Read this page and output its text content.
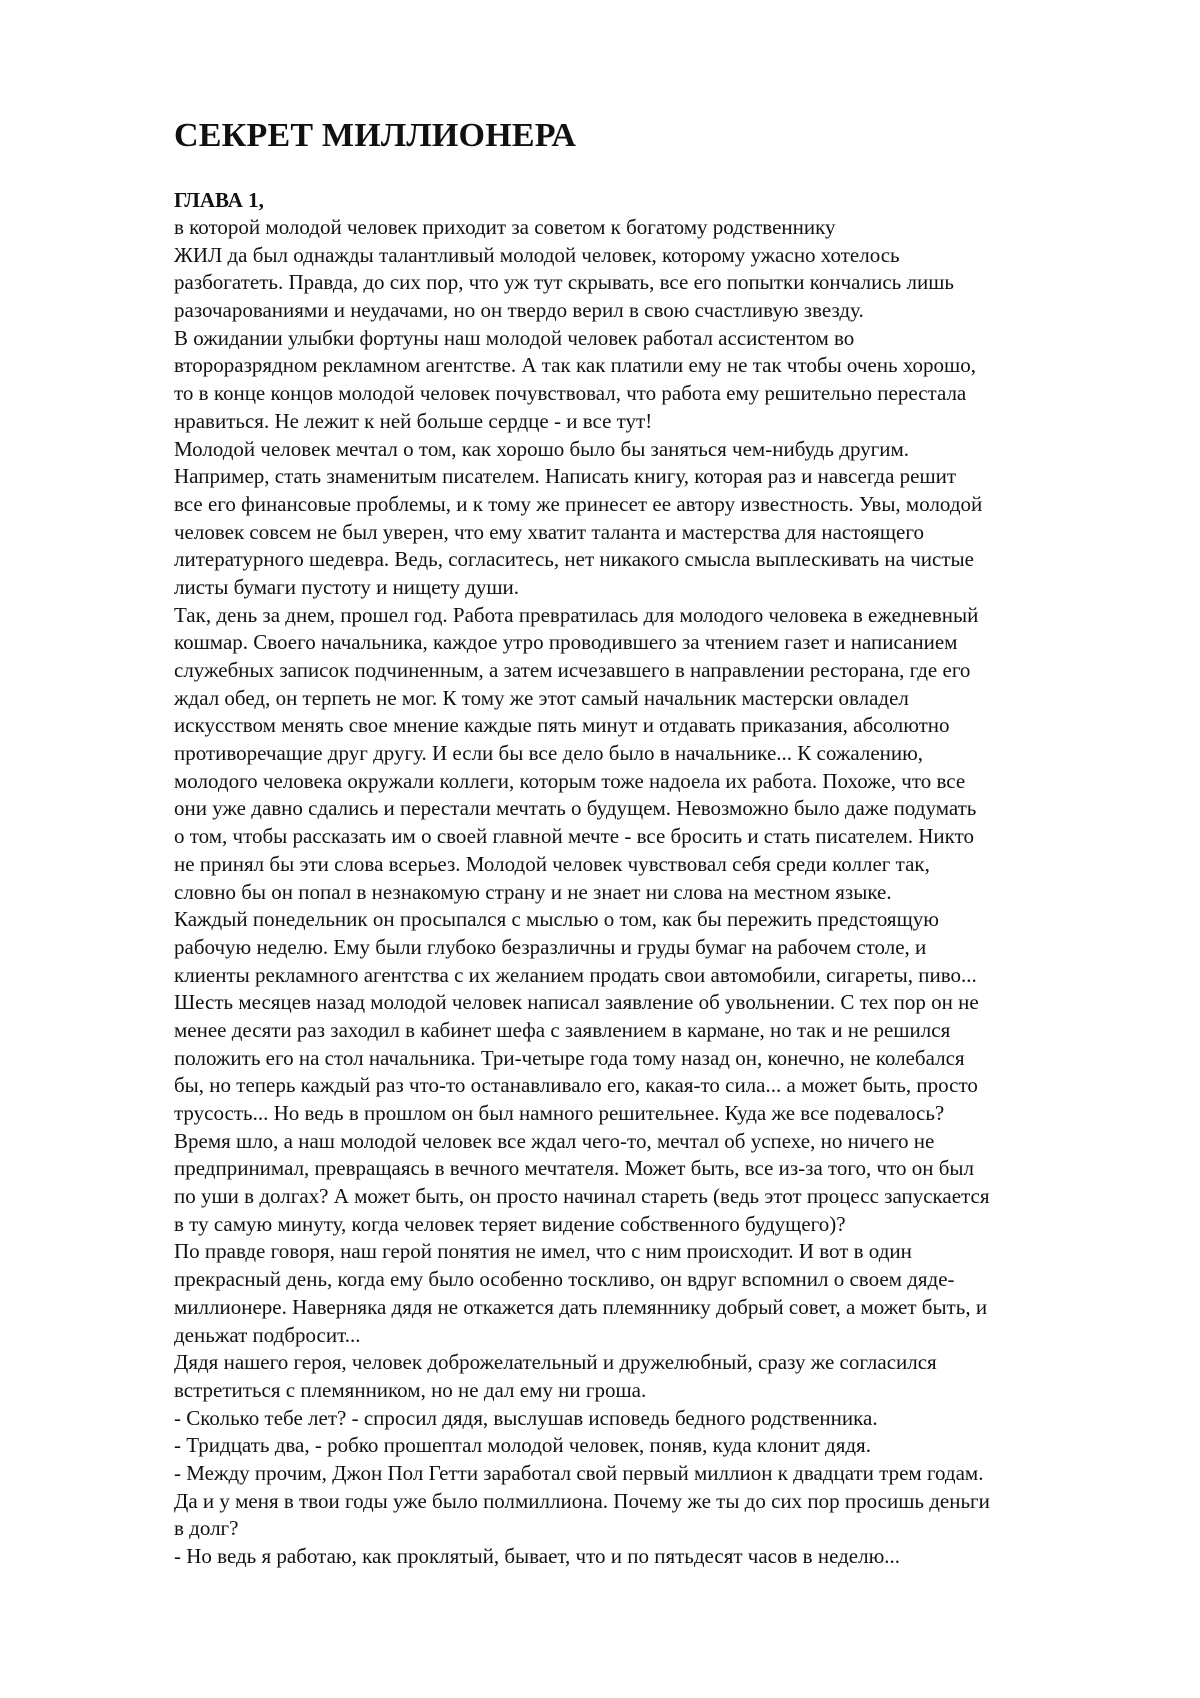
СЕКРЕТ МИЛЛИОНЕРА
ГЛАВА 1,
в которой молодой человек приходит за советом к богатому родственнику
ЖИЛ да был однажды талантливый молодой человек, которому ужасно хотелось
разбогатеть. Правда, до сих пор, что уж тут скрывать, все его попытки кончались лишь
разочарованиями и неудачами, но он твердо верил в свою счастливую звезду.
В ожидании улыбки фортуны наш молодой человек работал ассистентом во
второразрядном рекламном агентстве. А так как платили ему не так чтобы очень хорошо,
то в конце концов молодой человек почувствовал, что работа ему решительно перестала
нравиться. Не лежит к ней больше сердце - и все тут!
Молодой человек мечтал о том, как хорошо было бы заняться чем-нибудь другим.
Например, стать знаменитым писателем. Написать книгу, которая раз и навсегда решит
все его финансовые проблемы, и к тому же принесет ее автору известность. Увы, молодой
человек совсем не был уверен, что ему хватит таланта и мастерства для настоящего
литературного шедевра. Ведь, согласитесь, нет никакого смысла выплескивать на чистые
листы бумаги пустоту и нищету души.
Так, день за днем, прошел год. Работа превратилась для молодого человека в ежедневный
кошмар. Своего начальника, каждое утро проводившего за чтением газет и написанием
служебных записок подчиненным, а затем исчезавшего в направлении ресторана, где его
ждал обед, он терпеть не мог. К тому же этот самый начальник мастерски овладел
искусством менять свое мнение каждые пять минут и отдавать приказания, абсолютно
противоречащие друг другу. И если бы все дело было в начальнике... К сожалению,
молодого человека окружали коллеги, которым тоже надоела их работа. Похоже, что все
они уже давно сдались и перестали мечтать о будущем. Невозможно было даже подумать
о том, чтобы рассказать им о своей главной мечте - все бросить и стать писателем. Никто
не принял бы эти слова всерьез. Молодой человек чувствовал себя среди коллег так,
словно бы он попал в незнакомую страну и не знает ни слова на местном языке.
Каждый понедельник он просыпался с мыслью о том, как бы пережить предстоящую
рабочую неделю. Ему были глубоко безразличны и груды бумаг на рабочем столе, и
клиенты рекламного агентства с их желанием продать свои автомобили, сигареты, пиво...
Шесть месяцев назад молодой человек написал заявление об увольнении. С тех пор он не
менее десяти раз заходил в кабинет шефа с заявлением в кармане, но так и не решился
положить его на стол начальника. Три-четыре года тому назад он, конечно, не колебался
бы, но теперь каждый раз что-то останавливало его, какая-то сила... а может быть, просто
трусость... Но ведь в прошлом он был намного решительнее. Куда же все подевалось?
Время шло, а наш молодой человек все ждал чего-то, мечтал об успехе, но ничего не
предпринимал, превращаясь в вечного мечтателя. Может быть, все из-за того, что он был
по уши в долгах? А может быть, он просто начинал стареть (ведь этот процесс запускается
в ту самую минуту, когда человек теряет видение собственного будущего)?
По правде говоря, наш герой понятия не имел, что с ним происходит. И вот в один
прекрасный день, когда ему было особенно тоскливо, он вдруг вспомнил о своем дяде-
миллионере. Наверняка дядя не откажется дать племяннику добрый совет, а может быть, и
деньжат подбросит...
Дядя нашего героя, человек доброжелательный и дружелюбный, сразу же согласился
встретиться с племянником, но не дал ему ни гроша.
- Сколько тебе лет? - спросил дядя, выслушав исповедь бедного родственника.
- Тридцать два, - робко прошептал молодой человек, поняв, куда клонит дядя.
- Между прочим, Джон Пол Гетти заработал свой первый миллион к двадцати трем годам.
Да и у меня в твои годы уже было полмиллиона. Почему же ты до сих пор просишь деньги
в долг?
- Но ведь я работаю, как проклятый, бывает, что и по пятьдесят часов в неделю...
